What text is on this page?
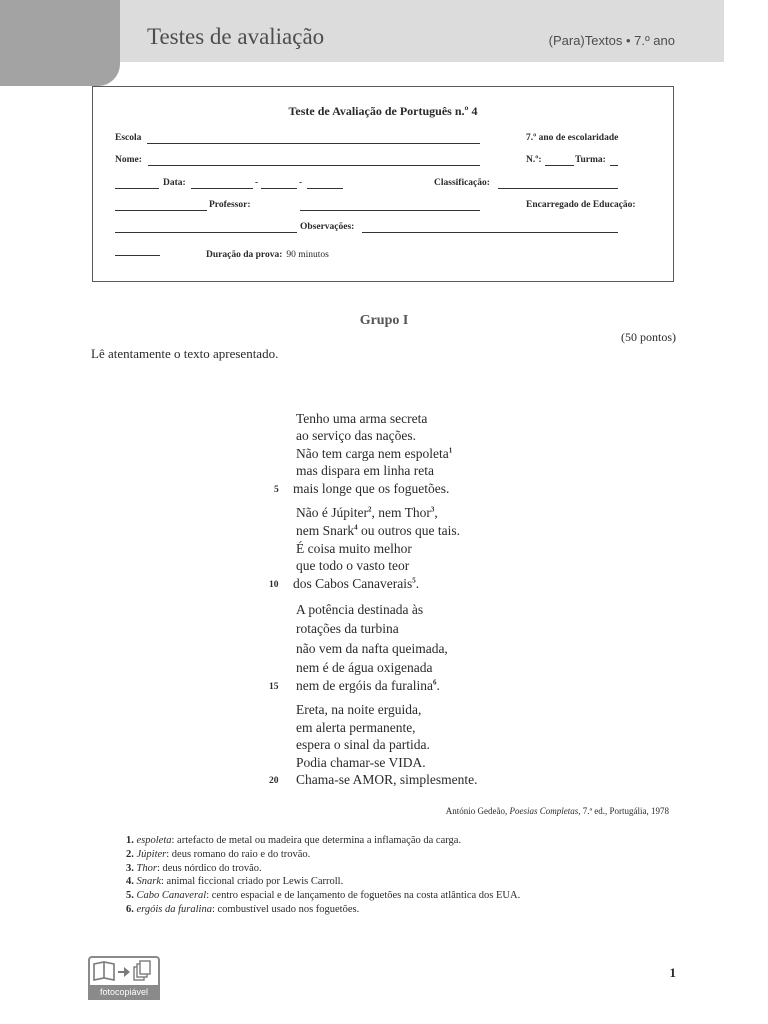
Testes de avaliação	(Para)Textos • 7.º ano
Teste de Avaliação de Português n.º 4
Escola	7.º ano de escolaridade
Nome:	N.º:	Turma:
Data:	-	-	Classificação:
Professor:	Encarregado de Educação:
Observações:
Duração da prova: 90 minutos
Grupo I
(50 pontos)
Lê atentamente o texto apresentado.
Tenho uma arma secreta
ao serviço das nações.
Não tem carga nem espoleta$^1$
mas dispara em linha reta
5 mais longe que os foguetões.
Não é Júpiter$^2$, nem Thor$^3$,
nem Snark$^4$ ou outros que tais.
É coisa muito melhor
que todo o vasto teor
10 dos Cabos Canaverais$^5$.
A potência destinada às
rotações da turbina
não vem da nafta queimada,
nem é de água oxigenada
15 nem de ergóis da furalina$^6$.
Ereta, na noite erguida,
em alerta permanente,
espera o sinal da partida.
Podia chamar-se VIDA.
20 Chama-se AMOR, simplesmente.
António Gedeão, Poesias Completas, 7.ª ed., Portugália, 1978
1. espoleta: artefacto de metal ou madeira que determina a inflamação da carga.
2. Júpiter: deus romano do raio e do trovão.
3. Thor: deus nórdico do trovão.
4. Snark: animal ficcional criado por Lewis Carroll.
5. Cabo Canaveral: centro espacial e de lançamento de foguetões na costa atlântica dos EUA.
6. ergóis da furalina: combustível usado nos foguetões.
fotocopiável
1
